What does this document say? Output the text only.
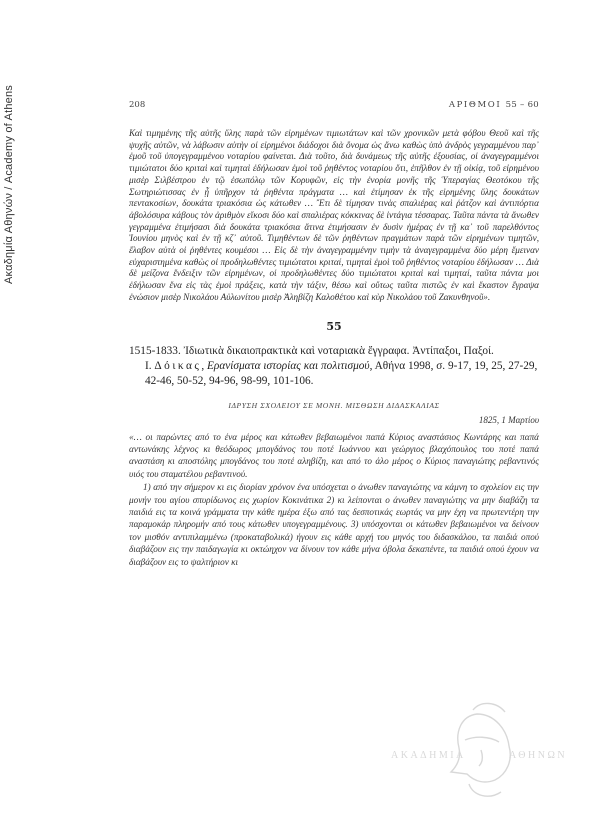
Ακαδημία Αθηνών / Academy of Athens	208	ΑΡΙΘΜΟΙ 55 – 60
Καὶ τιμημένης τῆς αὐτῆς ὕλης παρὰ τῶν εἰρημένων τιμιωτάτων καὶ τῶν χρονικῶν μετὰ φόβου Θεοῦ καὶ τῆς ψυχῆς αὐτῶν, νὰ λάβωσιν αὐτὴν οἱ εἰρημένοι διάδοχοι διὰ ὄνομα ὡς ἄνω καθὼς ὑπὸ ἀνδρὸς γεγραμμένου παρ᾿ ἐμοῦ τοῦ ὑπογεγραμμένου νοταρίου φαίνεται. Διὰ τοῦτο, διὰ δυνάμεως τῆς αὐτῆς ἐξουσίας, οἱ ἀναγεγραμμένοι τιμιώτατοι δύο κριταὶ καὶ τιμηταὶ ἐδήλωσαν ἐμοὶ τοῦ ῥηθέντος νοταρίου ὅτι, ἐπῆλθον ἐν τῇ οἰκίᾳ, τοῦ εἰρημένου μισὲρ Σιλβέστρου ἐν τῷ ἐσωπόλῳ τῶν Κορυφῶν, εἰς τὴν ἐνορία μονῆς τῆς Ὑπεραγίας Θεοτόκου τῆς Σωτηριώτισσας ἐν ᾗ ὑπῆρχον τὰ ῥηθέντα πράγματα … καὶ ἐτίμησαν ἐκ τῆς εἰρημένης ὕλης δουκάτων πεντακοσίων, δουκάτα τριακόσια ὡς κάτωθεν … Ἔτι δὲ τίμησαν τινὰς σπαλιέρας καὶ ῥάτζον καὶ ἀντιπόρτια ἀβολόσυρα κάβους τὸν ἀριθμὸν εἴκοσι δύο καὶ σπαλιέρας κόκκινας δὲ ἰντάγια τέσσαρας. Ταῦτα πάντα τὰ ἄνωθεν γεγραμμένα ἐτιμήσασι διὰ δουκάτα τριακόσια ἄτινα ἐτιμήσασιν ἐν δυσὶν ἡμέρας ἐν τῇ κα᾿ τοῦ παρελθόντος Ἰουνίου μηνὸς καὶ ἐν τῇ κζ᾿ αὐτοῦ. Τιμηθέντων δὲ τῶν ῥηθέντων πραγμάτων παρὰ τῶν εἰρημένων τιμητῶν, ἔλαβον αὐτὰ οἱ ῥηθέντες κουμέσοι … Εἰς δὲ τὴν ἀναγεγραμμένην τιμὴν τὰ ἀναγεγραμμένα δύο μέρη ἔμειναν εὐχαριστημένα καθὼς οἱ προδηλωθέντες τιμιώτατοι κριταί, τιμηταὶ ἐμοὶ τοῦ ῥηθέντος νοταρίου ἐδήλωσαν … Διὰ δὲ μείζονα ἔνδειξιν τῶν εἰρημένων, οἱ προδηλωθέντες δύο τιμιώτατοι κριταὶ καὶ τιμηταί, ταῦτα πάντα μοι ἐδήλωσαν ἕνα εἰς τὰς ἐμοὶ πράξεις, κατὰ τὴν τάξιν, θέσω καὶ οὕτως ταῦτα πιστῶς ἐν καὶ ἕκαστον ἔγραψα ἐνώσιον μισὲρ Νικολάου Αὐλωνίτου μισὲρ Ἀληβίζη Καλοθέτου καὶ κὺρ Νικολάου τοῦ Ζακυνθηνοῦ».
55
1515-1833. Ἰδιωτικὰ δικαιοπρακτικὰ καὶ νοταριακὰ ἔγγραφα. Ἀντίπαξοι, Παξοί.
Ι. Δόικας, Ερανίσματα ιστορίας και πολιτισμού, Αθήνα 1998, σ. 9-17, 19, 25, 27-29, 42-46, 50-52, 94-96, 98-99, 101-106.
ΙΔΡΥΣΗ ΣΧΟΛΕΙΟΥ ΣΕ ΜΟΝΗ. ΜΙΣΘΩΣΗ ΔΙΔΑΣΚΑΛΙΑΣ
1825, 1 Μαρτίου

«… οι παρώντες από το ένα μέρος και κάτωθεν βεβαιωμένοι παπά Κύριος αναστάσιος Κωντάρης και παπά αντωνάκης λέχνος κι θεόδωρος μπογδάνος του ποτέ Ιωάννου και γεώργιος βλαχόπουλος του ποτέ παπά αναστάση κι αποστόλης μπογδάνος του ποτέ αληβίζη, και από το άλο μέρος ο Κύριος παναγιώτης ρεβαντινός υιός του σταματέλου ρεβαντινού.

1) από την σήμερον κι εις διορίαν χρόνον ένα υπόσχεται ο άνωθεν παναγιώτης να κάμνη το σχολείον εις την μονήν του αγίου σπυρίδωνος εις χωρίον Κοκινάτικα 2) κι λείπονται ο άνωθεν παναγιώτης να μην διαβάζη τα παιδιά εις τα κοινά γράμματα την κάθε ημέρα έξω από τας δεσποτικάς εωρτάς να μην έχη να πρωτεντέρη την παραμοκάρ πληρομήν από τους κάτωθεν υπογεγραμμένους. 3) υπόσχονται οι κάτωθεν βεβαιωμένοι να δείνουν τον μισθόν αντιπιλαμμένω (προκαταβολικά) ήγουν εις κάθε αρχή του μηνός του διδασκάλου, τα παιδιά οπού διαβάζουν εις την παιδαγωγία κι οκτώηχον να δίνουν τον κάθε μήνα όβολα δεκαπέντε, τα παιδιά οπού έχουν να διαβάζουν εις το ψαλτήριον κι

ΑΚΑΔΗΜΙΑ	ΑΘΗΝΩΝ
